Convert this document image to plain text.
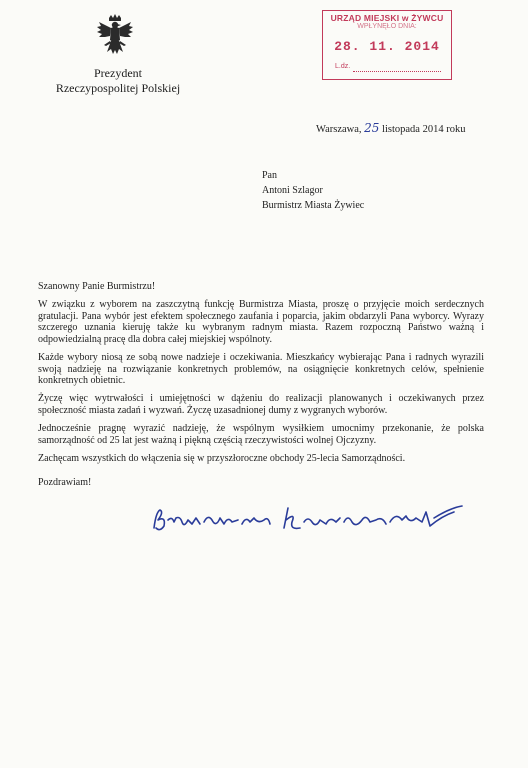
Prezydent
Rzeczypospolitej Polskiej
URZĄD MIEJSKI w ŻYWCU
WPŁYNĘŁO DNIA:
28. 11. 2014
L.dz.
Warszawa, 25 listopada 2014 roku
Pan
Antoni Szlagor
Burmistrz Miasta Żywiec
Szanowny Panie Burmistrzu!

W związku z wyborem na zaszczytną funkcję Burmistrza Miasta, proszę o przyjęcie moich serdecznych gratulacji. Pana wybór jest efektem społecznego zaufania i poparcia, jakim obdarzyli Pana wyborcy. Wyrazy szczerego uznania kieruję także ku wybranym radnym miasta. Razem rozpoczną Państwo ważną i odpowiedzialną pracę dla dobra całej miejskiej wspólnoty.

Każde wybory niosą ze sobą nowe nadzieje i oczekiwania. Mieszkańcy wybierając Pana i radnych wyrazili swoją nadzieję na rozwiązanie konkretnych problemów, na osiągnięcie konkretnych celów, spełnienie konkretnych obietnic.

Życzę więc wytrwałości i umiejętności w dążeniu do realizacji planowanych i oczekiwanych przez społeczność miasta zadań i wyzwań. Życzę uzasadnionej dumy z wygranych wyborów.

Jednocześnie pragnę wyrazić nadzieję, że wspólnym wysiłkiem umocnimy przekonanie, że polska samorządność od 25 lat jest ważną i piękną częścią rzeczywistości wolnej Ojczyzny.

Zachęcam wszystkich do włączenia się w przyszłoroczne obchody 25-lecia Samorządności.

Pozdrawiam!
